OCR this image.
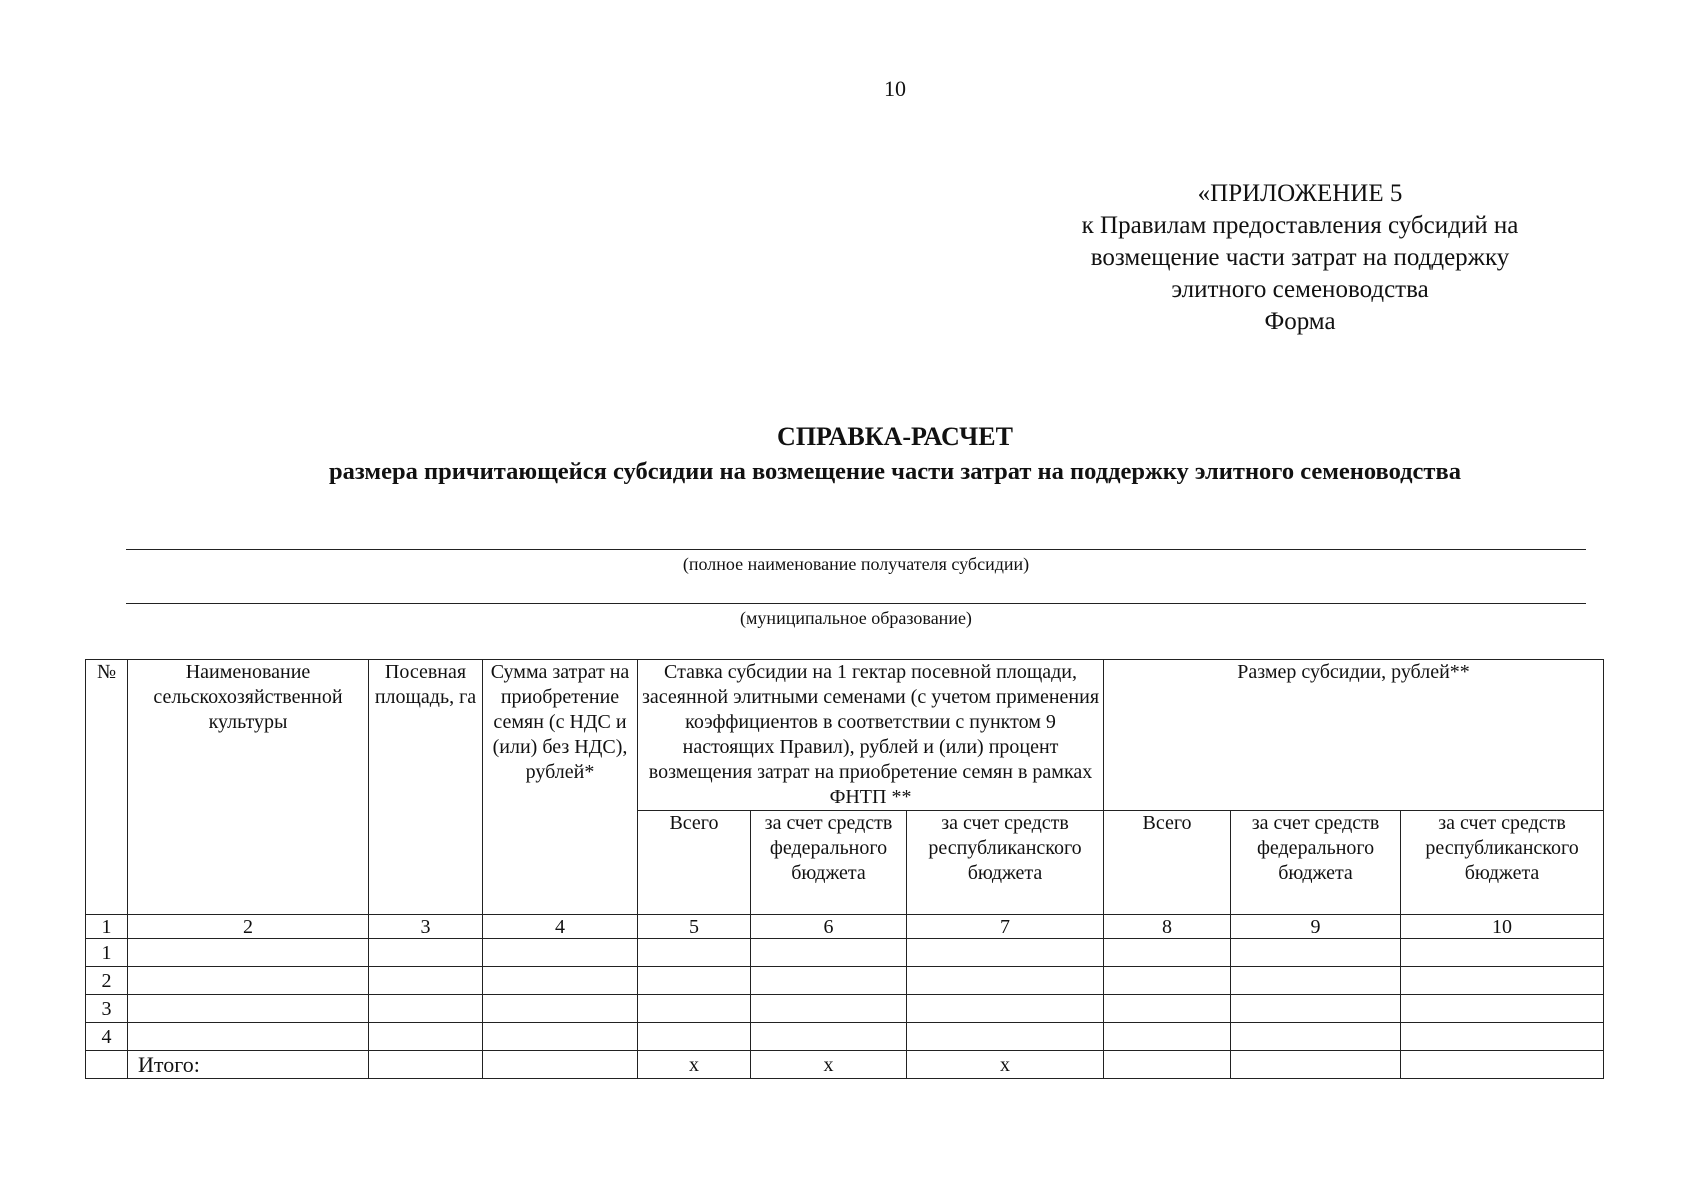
10
«ПРИЛОЖЕНИЕ 5
к Правилам предоставления субсидий на
возмещение части затрат на поддержку
элитного семеноводства
Форма
СПРАВКА-РАСЧЕТ
размера причитающейся субсидии на возмещение части затрат на поддержку элитного семеноводства
(полное наименование получателя субсидии)
(муниципальное образование)
№	Наименование сельскохозяйственной культуры	Посевная площадь, га	Сумма затрат на приобретение семян (с НДС и (или) без НДС), рублей*	Ставка субсидии на 1 гектар посевной площади, засеянной элитными семенами (с учетом применения коэффициентов в соответствии с пунктом 9 настоящих Правил), рублей и (или) процент возмещения затрат на приобретение семян в рамках ФНТП **			Размер субсидии, рублей**		
				Всего	за счет средств федерального бюджета	за счет средств республиканского бюджета	Всего	за счет средств федерального бюджета	за счет средств республиканского бюджета
1	2	3	4	5	6	7	8	9	10
1									
2									
3									
4									
	Итого:			x	x	x			
